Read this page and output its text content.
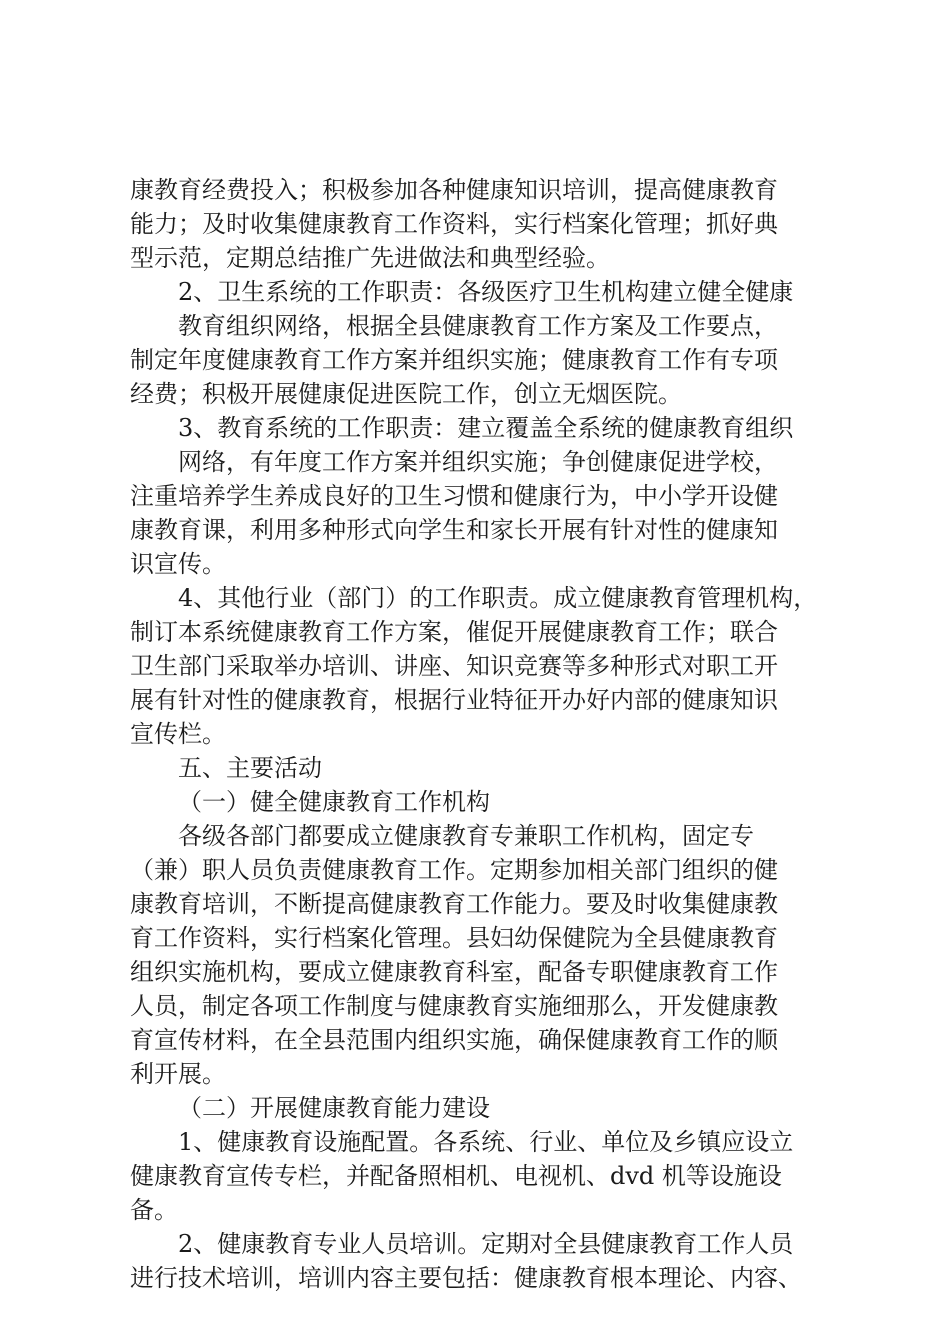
康教育经费投入；积极参加各种健康知识培训，提高健康教育
能力；及时收集健康教育工作资料，实行档案化管理；抓好典
型示范，定期总结推广先进做法和典型经验。
2、卫生系统的工作职责：各级医疗卫生机构建立健全健康
教育组织网络，根据全县健康教育工作方案及工作要点，
制定年度健康教育工作方案并组织实施；健康教育工作有专项
经费；积极开展健康促进医院工作，创立无烟医院。
3、教育系统的工作职责：建立覆盖全系统的健康教育组织
网络，有年度工作方案并组织实施；争创健康促进学校，
注重培养学生养成良好的卫生习惯和健康行为，中小学开设健
康教育课，利用多种形式向学生和家长开展有针对性的健康知
识宣传。
4、其他行业（部门）的工作职责。成立健康教育管理机构，
制订本系统健康教育工作方案，催促开展健康教育工作；联合
卫生部门采取举办培训、讲座、知识竞赛等多种形式对职工开
展有针对性的健康教育，根据行业特征开办好内部的健康知识
宣传栏。
五、主要活动
（一）健全健康教育工作机构
各级各部门都要成立健康教育专兼职工作机构，固定专
（兼）职人员负责健康教育工作。定期参加相关部门组织的健
康教育培训，不断提高健康教育工作能力。要及时收集健康教
育工作资料，实行档案化管理。县妇幼保健院为全县健康教育
组织实施机构，要成立健康教育科室，配备专职健康教育工作
人员，制定各项工作制度与健康教育实施细那么，开发健康教
育宣传材料，在全县范围内组织实施，确保健康教育工作的顺
利开展。
（二）开展健康教育能力建设
1、健康教育设施配置。各系统、行业、单位及乡镇应设立
健康教育宣传专栏，并配备照相机、电视机、dvd 机等设施设
备。
2、健康教育专业人员培训。定期对全县健康教育工作人员
进行技术培训，培训内容主要包括：健康教育根本理论、内容、
